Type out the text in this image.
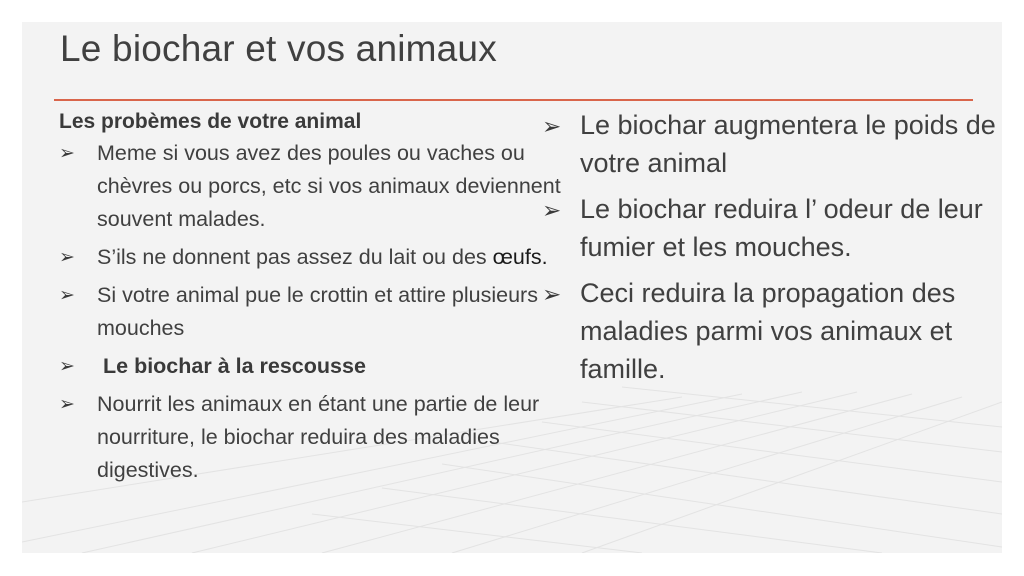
Le biochar et vos animaux
Les probèmes de votre animal
➢ Meme si vous avez des poules ou vaches ou chèvres ou porcs, etc si vos animaux deviennent souvent malades.
➢ S’ils ne donnent pas assez du lait ou des œufs.
➢ Si votre animal pue le crottin et attire plusieurs mouches
➢ Le biochar à la rescousse
➢ Nourrit les animaux en étant une partie de leur nourriture, le biochar reduira des maladies digestives.
➢ Le biochar augmentera le poids de votre animal
➢ Le biochar reduira l’ odeur de leur fumier et les mouches.
➢ Ceci reduira la propagation des maladies parmi vos animaux et famille.
